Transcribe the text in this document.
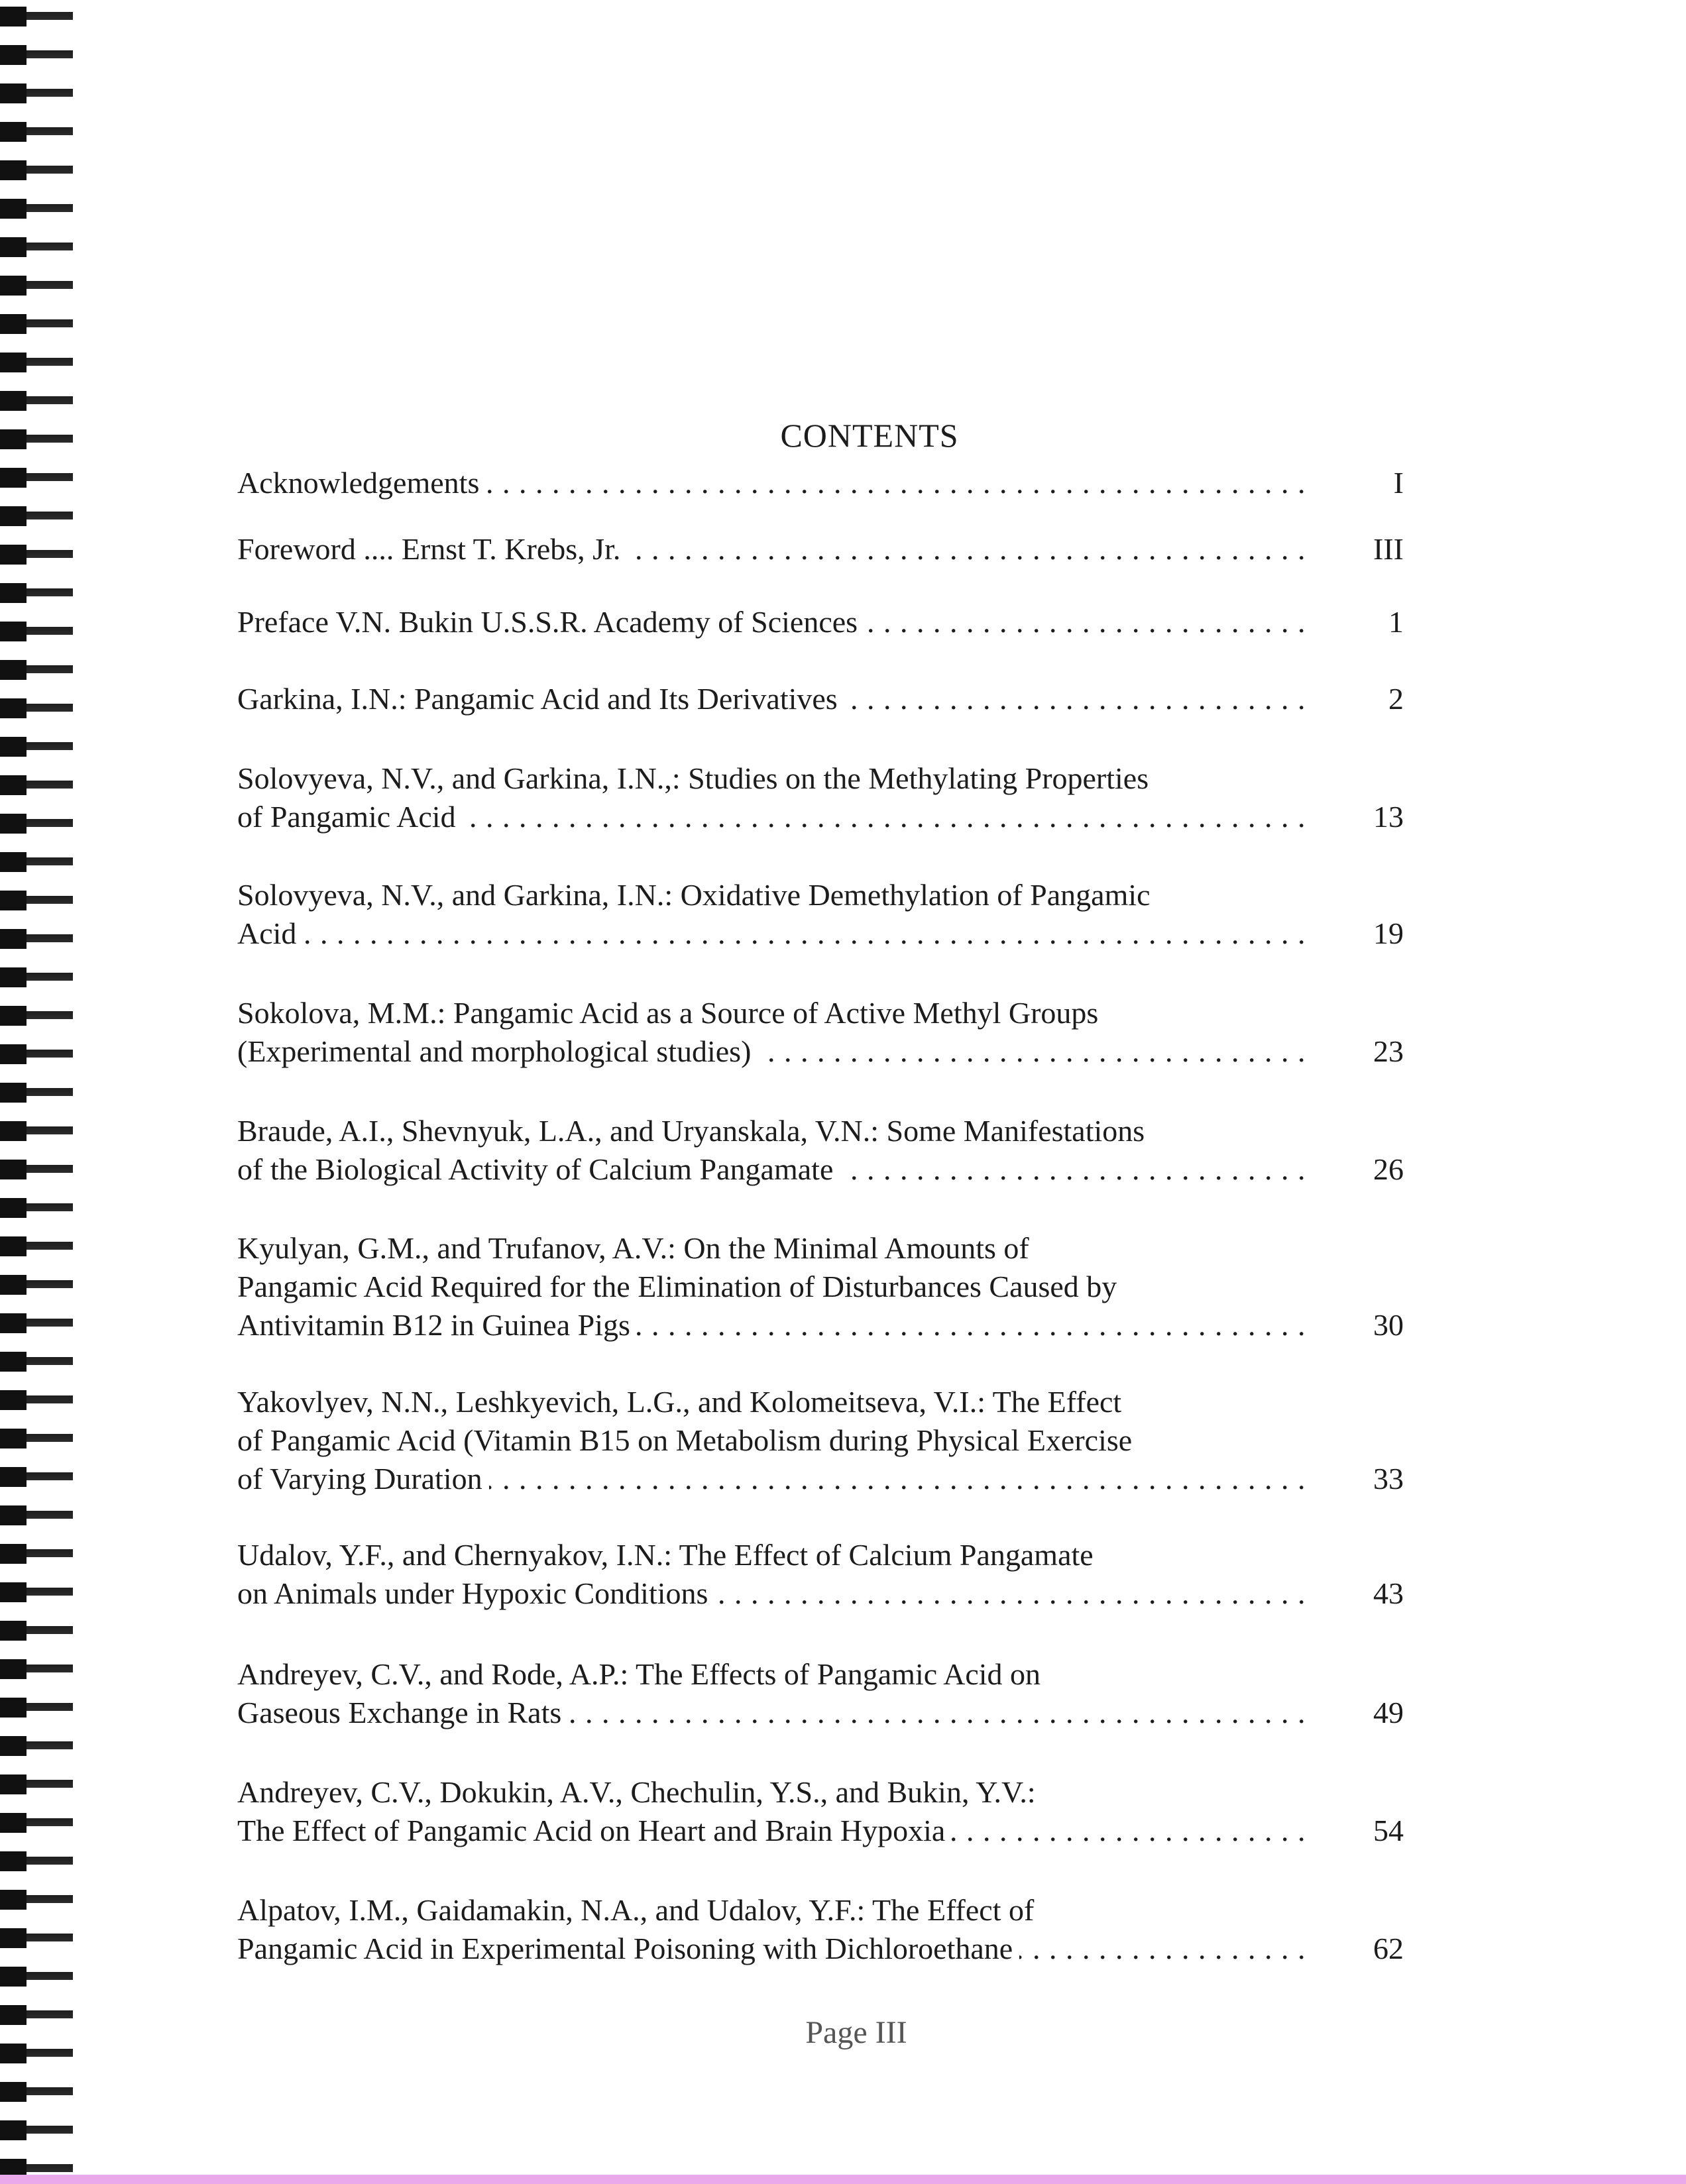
CONTENTS
Acknowledgements . . .	I
Foreword .... Ernst T. Krebs, Jr. . . .	III
Preface V.N. Bukin U.S.S.R. Academy of Sciences . . .	1
Garkina, I.N.: Pangamic Acid and Its Derivatives . . .	2
Solovyeva, N.V., and Garkina, I.N.,: Studies on the Methylating Properties
of Pangamic Acid . . .	13
Solovyeva, N.V., and Garkina, I.N.: Oxidative Demethylation of Pangamic
Acid . . .	19
Sokolova, M.M.: Pangamic Acid as a Source of Active Methyl Groups
(Experimental and morphological studies) . . .	23
Braude, A.I., Shevnyuk, L.A., and Uryanskala, V.N.: Some Manifestations
of the Biological Activity of Calcium Pangamate . . .	26
Kyulyan, G.M., and Trufanov, A.V.: On the Minimal Amounts of
Pangamic Acid Required for the Elimination of Disturbances Caused by
Antivitamin B12 in Guinea Pigs . . .	30
Yakovlyev, N.N., Leshkyevich, L.G., and Kolomeitseva, V.I.: The Effect
of Pangamic Acid (Vitamin B15 on Metabolism during Physical Exercise
of Varying Duration . . .	33
Udalov, Y.F., and Chernyakov, I.N.: The Effect of Calcium Pangamate
on Animals under Hypoxic Conditions . . .	43
Andreyev, C.V., and Rode, A.P.: The Effects of Pangamic Acid on
Gaseous Exchange in Rats . . .	49
Andreyev, C.V., Dokukin, A.V., Chechulin, Y.S., and Bukin, Y.V.:
The Effect of Pangamic Acid on Heart and Brain Hypoxia . . .	54
Alpatov, I.M., Gaidamakin, N.A., and Udalov, Y.F.: The Effect of
Pangamic Acid in Experimental Poisoning with Dichloroethane . . .	62
Page III
